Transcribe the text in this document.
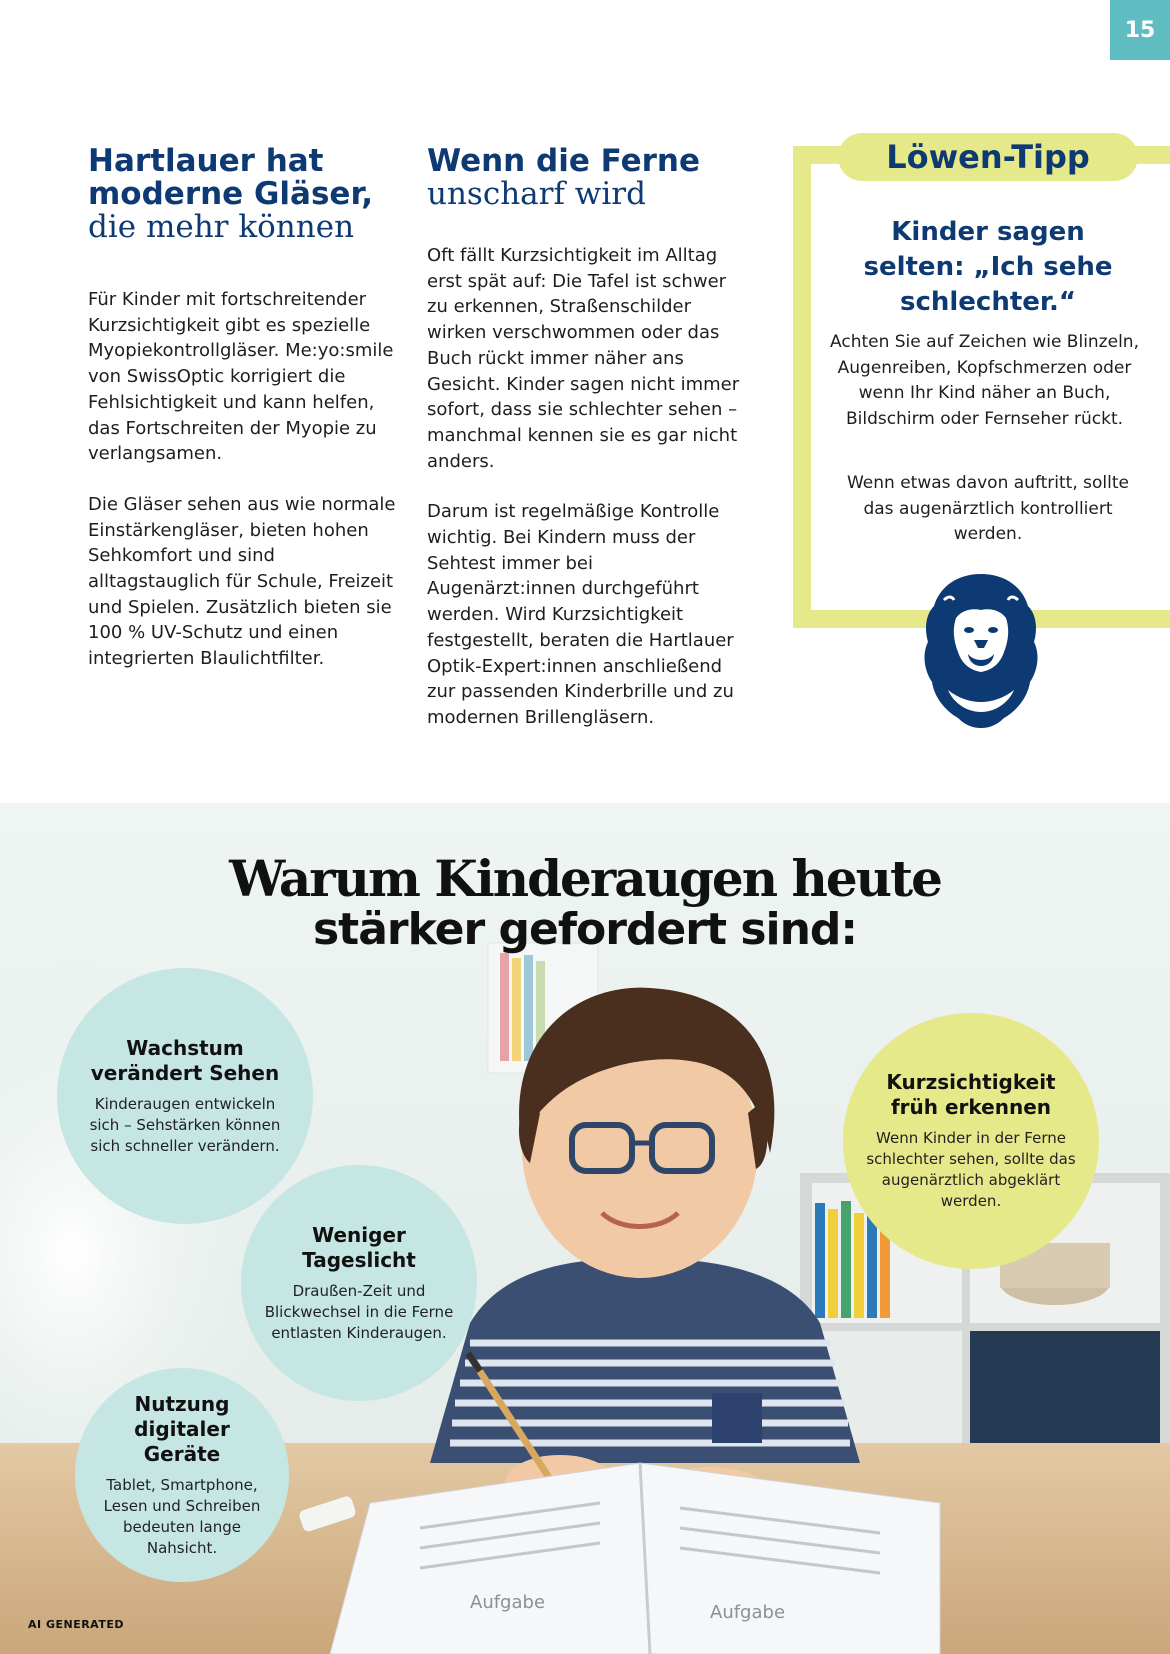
15
Hartlauer hat moderne Gläser,
die mehr können

Für Kinder mit fortschreitender Kurzsichtigkeit gibt es spezielle Myopiekontrollgläser. Me:yo:smile von SwissOptic korrigiert die Fehlsichtigkeit und kann helfen, das Fortschreiten der Myopie zu verlangsamen.

Die Gläser sehen aus wie normale Einstärkengläser, bieten hohen Sehkomfort und sind alltagstauglich für Schule, Freizeit und Spielen. Zusätzlich bieten sie 100 % UV-Schutz und einen integrierten Blaulichtfilter.

Wenn die Ferne
unscharf wird

Oft fällt Kurzsichtigkeit im Alltag erst spät auf: Die Tafel ist schwer zu erkennen, Straßenschilder wirken verschwommen oder das Buch rückt immer näher ans Gesicht. Kinder sagen nicht immer sofort, dass sie schlechter sehen – manchmal kennen sie es gar nicht anders.

Darum ist regelmäßige Kontrolle wichtig. Bei Kindern muss der Sehtest immer bei Augenärzt:innen durchgeführt werden. Wird Kurzsichtigkeit festgestellt, beraten die Hartlauer Optik-Expert:innen anschließend zur passenden Kinderbrille und zu modernen Brillengläsern.

Löwen-Tipp
Kinder sagen selten: „Ich sehe schlechter.“

Achten Sie auf Zeichen wie Blinzeln, Augenreiben, Kopfschmerzen oder wenn Ihr Kind näher an Buch, Bildschirm oder Fernseher rückt.

Wenn etwas davon auftritt, sollte das augenärztlich kontrolliert werden.

Aufgabe	Aufgabe
Warum Kinderaugen heute
stärker gefordert sind:
Wachstum verändert Sehen

Kinderaugen entwickeln sich – Sehstärken können sich schneller verändern.

Weniger Tageslicht

Draußen-Zeit und Blickwechsel in die Ferne entlasten Kinderaugen.

Nutzung digitaler Geräte

Tablet, Smartphone, Lesen und Schreiben bedeuten lange Nahsicht.

Kurzsichtigkeit früh erkennen

Wenn Kinder in der Ferne schlechter sehen, sollte das augenärztlich abgeklärt werden.

AI GENERATED
